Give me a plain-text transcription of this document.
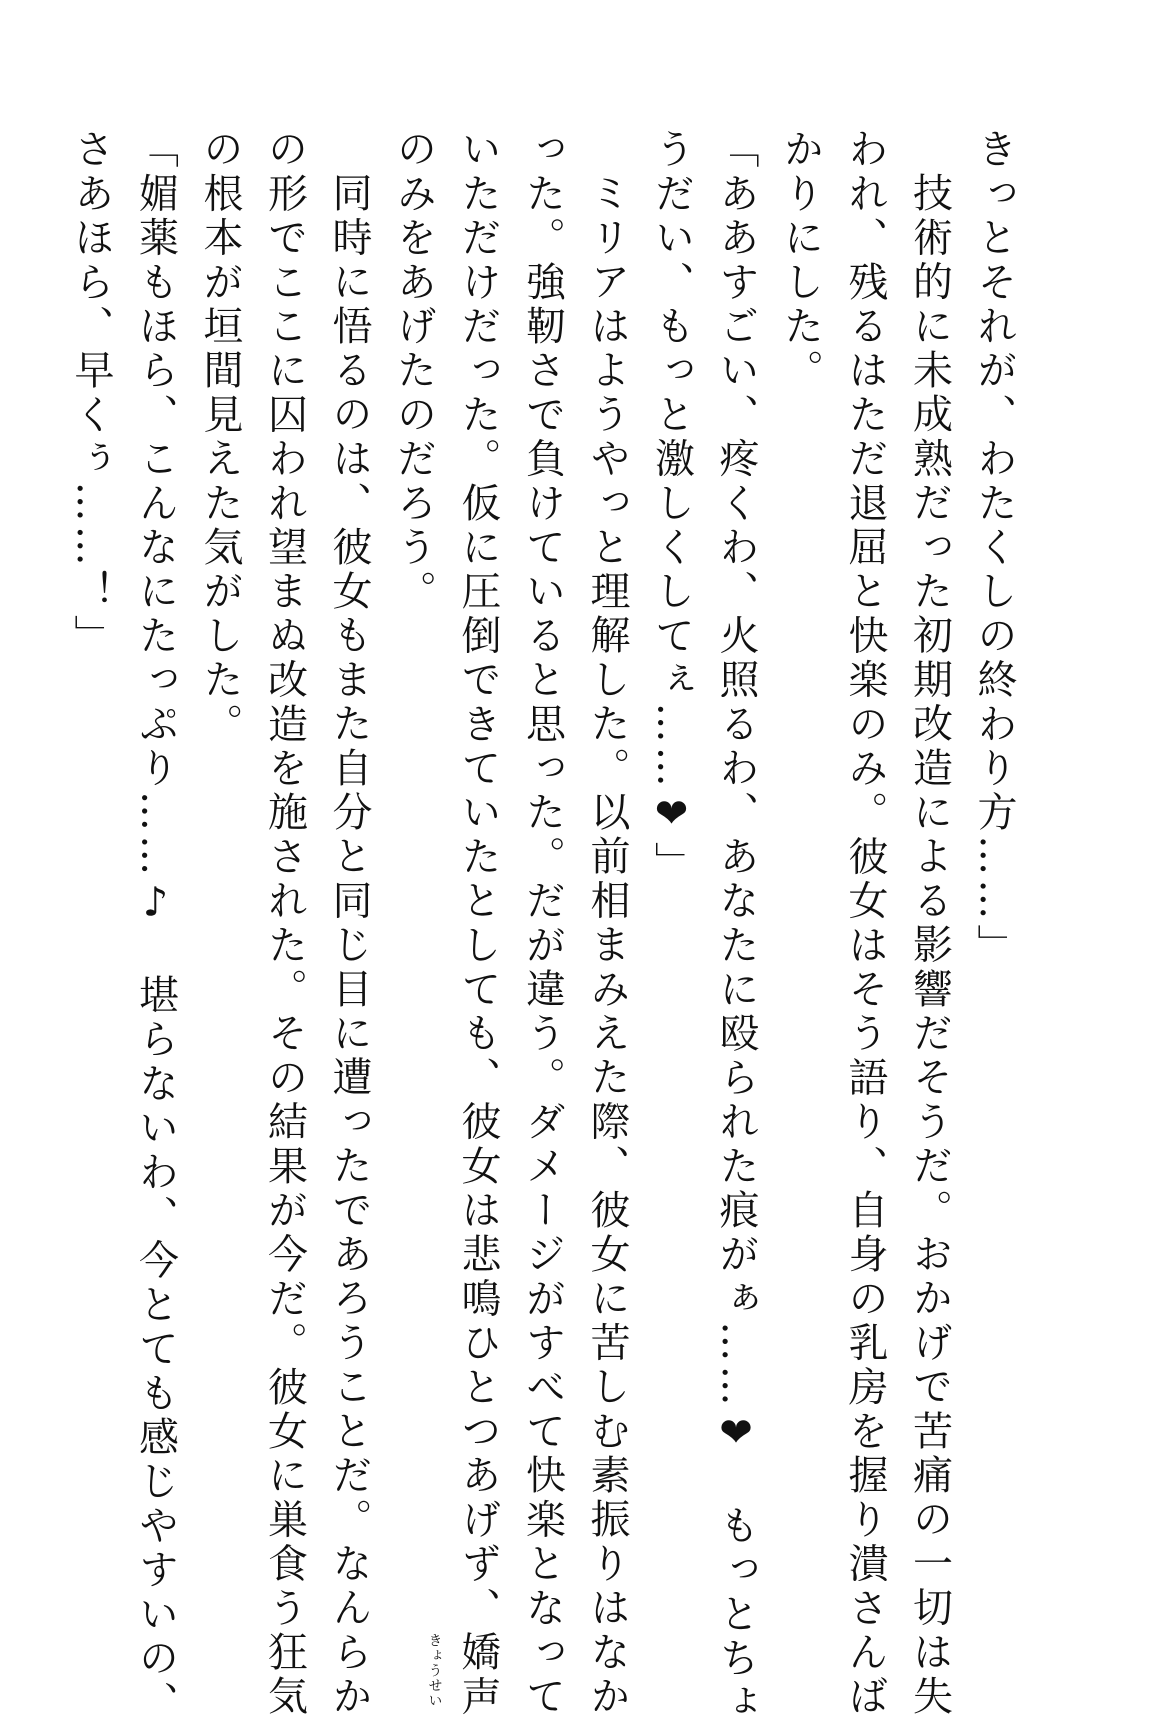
きっとそれが、わたくしの終わり方……」
技術的に未成熟だった初期改造による影響だそうだ。おかげで苦痛の一切は失
われ、残るはただ退屈と快楽のみ。彼女はそう語り、自身の乳房を握り潰さんば
かりにした。
「ああすごい、疼くわ、火照るわ、あなたに殴られた痕がぁ……❤　もっとちょ
うだい、もっと激しくしてぇ……❤」
ミリアはようやっと理解した。以前相まみえた際、彼女に苦しむ素振りはなか
った。強靭さで負けていると思った。だが違う。ダメージがすべて快楽となって
いただけだった。仮に圧倒できていたとしても、彼女は悲鳴ひとつあげず、嬌声
きょうせい
のみをあげたのだろう。
同時に悟るのは、彼女もまた自分と同じ目に遭ったであろうことだ。なんらか
の形でここに囚われ望まぬ改造を施された。その結果が今だ。彼女に巣食う狂気
の根本が垣間見えた気がした。
「媚薬もほら、こんなにたっぷり……♪　堪らないわ、今とても感じやすいの、
さあほら、早くぅ……！」
